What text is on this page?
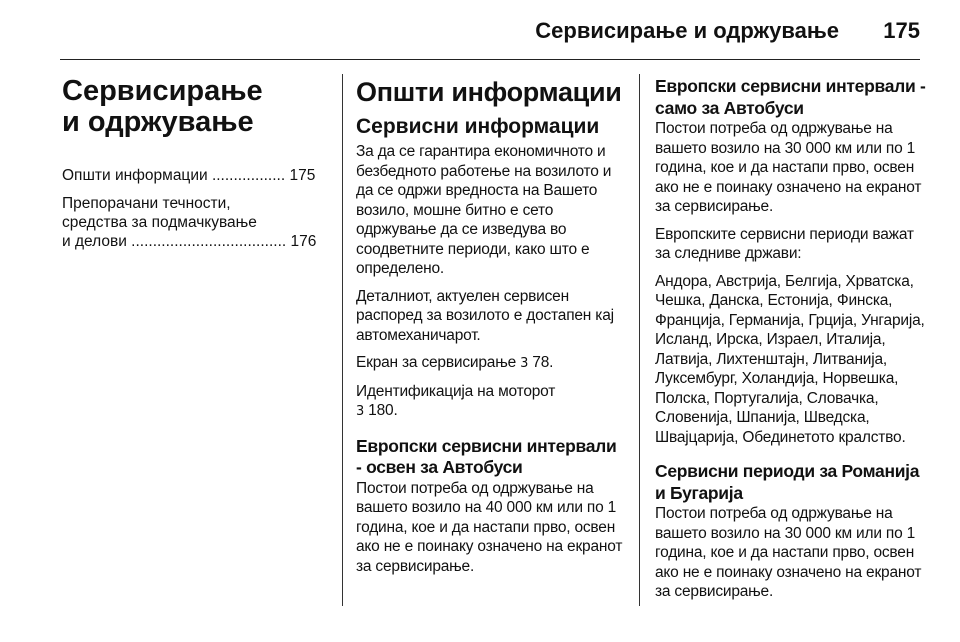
Сервисирање и одржување 175
Сервисирање
и одржување

Општи информации ................. 175

Препорачани течности,
средства за подмачкување
и делови .................................... 176

Општи информации
Сервисни информации

За да се гарантира економичното и безбедното работење на возилото и да се одржи вредноста на Вашето возило, мошне битно е сето одржување да се изведува во соодветните периоди, како што е определено.

Деталниот, актуелен сервисен распоред за возилото е достапен кај автомеханичарот.

Екран за сервисирање 3 78.

Идентификација на моторот
3 180.

Европски сервисни интервали - освен за Автобуси

Постои потреба од одржување на вашето возило на 40 000 км или по 1 година, кое и да настапи прво, освен ако не е поинаку означено на екранот за сервисирање.

Европски сервисни интервали - само за Автобуси

Постои потреба од одржување на вашето возило на 30 000 км или по 1 година, кое и да настапи прво, освен ако не е поинаку означено на екранот за сервисирање.

Европските сервисни периоди важат за следниве држави:

Андора, Австрија, Белгија, Хрватска, Чешка, Данска, Естонија, Финска, Франција, Германија, Грција, Унгарија, Исланд, Ирска, Израел, Италија, Латвија, Лихтенштајн, Литванија, Луксембург, Холандија, Норвешка, Полска, Португалија, Словачка, Словенија, Шпанија, Шведска, Швајцарија, Обединетото кралство.

Сервисни периоди за Романија и Бугарија

Постои потреба од одржување на вашето возило на 30 000 км или по 1 година, кое и да настапи прво, освен ако не е поинаку означено на екранот за сервисирање.
